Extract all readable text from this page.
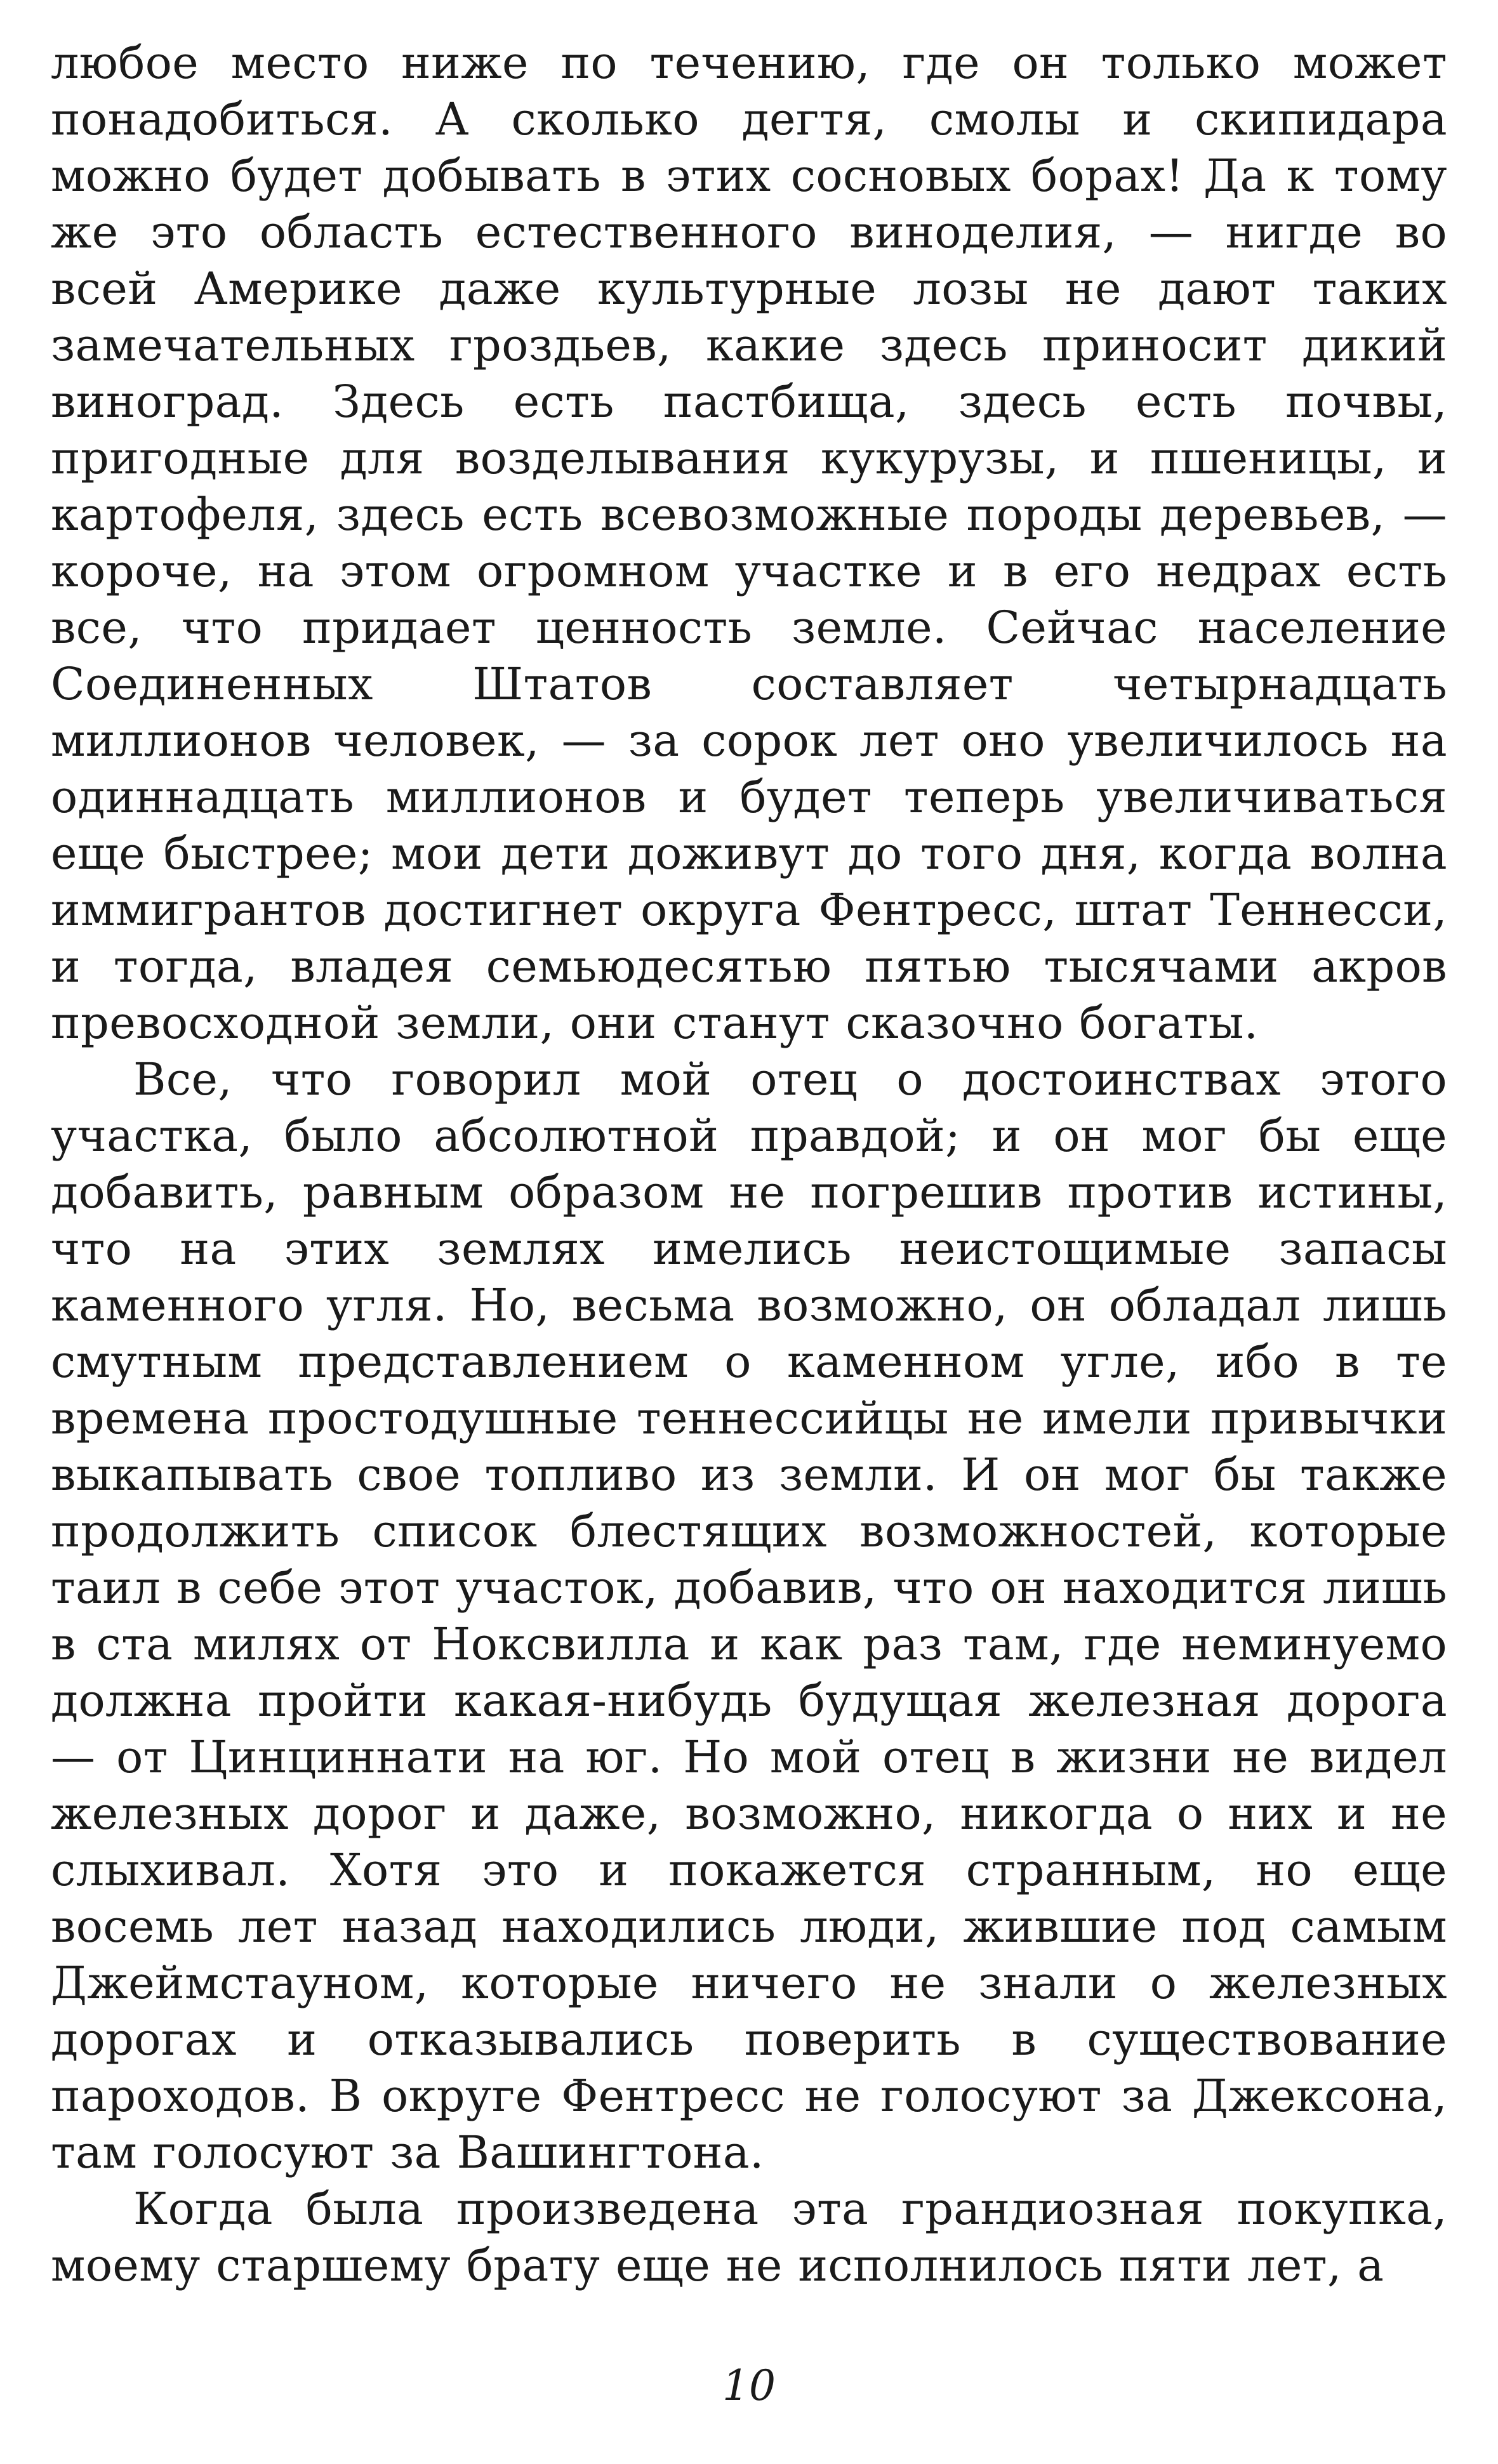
любое место ниже по течению, где он только может понадобиться. А сколько дегтя, смолы и скипидара можно будет добывать в этих сосновых борах! Да к тому же это область естественного виноделия, — нигде во всей Америке даже культурные лозы не дают таких замечательных гроздьев, какие здесь приносит дикий виноград. Здесь есть пастбища, здесь есть почвы, пригодные для возделывания кукурузы, и пшеницы, и картофеля, здесь есть всевозможные породы деревьев, — короче, на этом огромном участке и в его недрах есть все, что придает ценность земле. Сейчас население Соединенных Штатов составляет четырнадцать миллионов человек, — за сорок лет оно увеличилось на одиннадцать миллионов и будет теперь увеличиваться еще быстрее; мои дети доживут до того дня, когда волна иммигрантов достигнет округа Фентресс, штат Теннесси, и тогда, владея семьюдесятью пятью тысячами акров превосходной земли, они станут сказочно богаты.

Все, что говорил мой отец о достоинствах этого участка, было абсолютной правдой; и он мог бы еще добавить, равным образом не погрешив против истины, что на этих землях имелись неистощимые запасы каменного угля. Но, весьма возможно, он обладал лишь смутным представлением о каменном угле, ибо в те времена простодушные теннессийцы не имели привычки выкапывать свое топливо из земли. И он мог бы также продолжить список блестящих возможностей, которые таил в себе этот участок, добавив, что он находится лишь в ста милях от Ноксвилла и как раз там, где неминуемо должна пройти какая-нибудь будущая железная дорога — от Цинциннати на юг. Но мой отец в жизни не видел железных дорог и даже, возможно, никогда о них и не слыхивал. Хотя это и покажется странным, но еще восемь лет назад находились люди, жившие под самым Джеймстауном, которые ничего не знали о железных дорогах и отказывались поверить в существование пароходов. В округе Фентресс не голосуют за Джексона, там голосуют за Вашингтона.

Когда была произведена эта грандиозная покупка, моему старшему брату еще не исполнилось пяти лет, а

10
